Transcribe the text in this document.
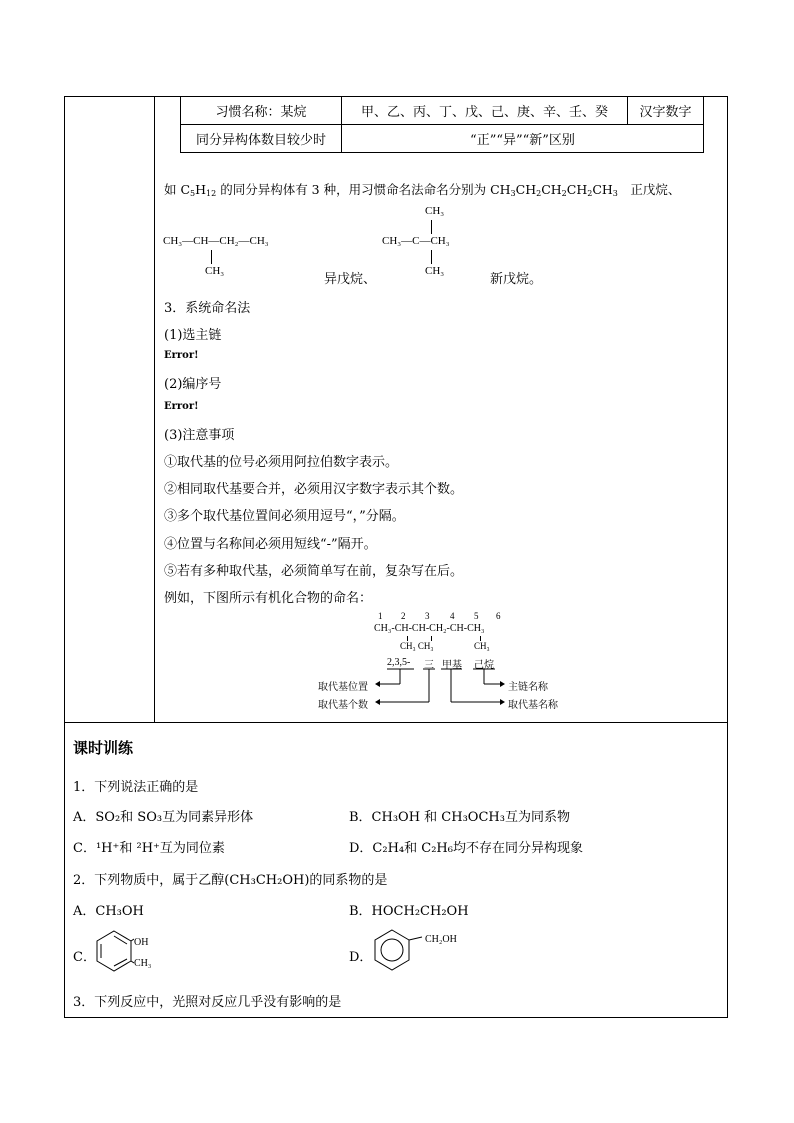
习惯名称：某烷	甲、乙、丙、丁、戊、己、庚、辛、壬、癸	汉字数字
同分异构体数目较少时	“正”“异”“新”区别
如 $C_5H_{12}$ 的同分异构体有 3 种，用习惯命名法命名分别为 $CH_3CH_2CH_2CH_2CH_3$　正戊烷、
CH₃—CH—CH₂—CH₃
CH₃
异戊烷、
CH₃
CH₃—C—CH₃
CH₃
新戊烷。
3．系统命名法
(1)选主链
Error!
(2)编序号
Error!
(3)注意事项
①取代基的位号必须用阿拉伯数字表示。
②相同取代基要合并，必须用汉字数字表示其个数。
③多个取代基位置间必须用逗号“，”分隔。
④位置与名称间必须用短线“-”隔开。
⑤若有多种取代基，必须简单写在前，复杂写在后。
例如，下图所示有机化合物的命名：
1 2 3 4 5 6
CH₃-CH-CH-CH₂-CH-CH₃
CH₃ CH₃	CH₃
2,3,5- 三 甲基 己烷
取代基位置
取代基个数
主链名称
取代基名称
课时训练
1．下列说法正确的是
A．SO₂和 SO₃互为同素异形体	B．CH₃OH 和 CH₃OCH₃互为同系物
C．¹H⁺和 ²H⁺互为同位素	D．C₂H₄和 C₂H₆均不存在同分异构现象
2．下列物质中，属于乙醇(CH₃CH₂OH)的同系物的是
A．CH₃OH	B．HOCH₂CH₂OH
C．
OH
CH₃	D．
CH₂OH
3．下列反应中，光照对反应几乎没有影响的是
